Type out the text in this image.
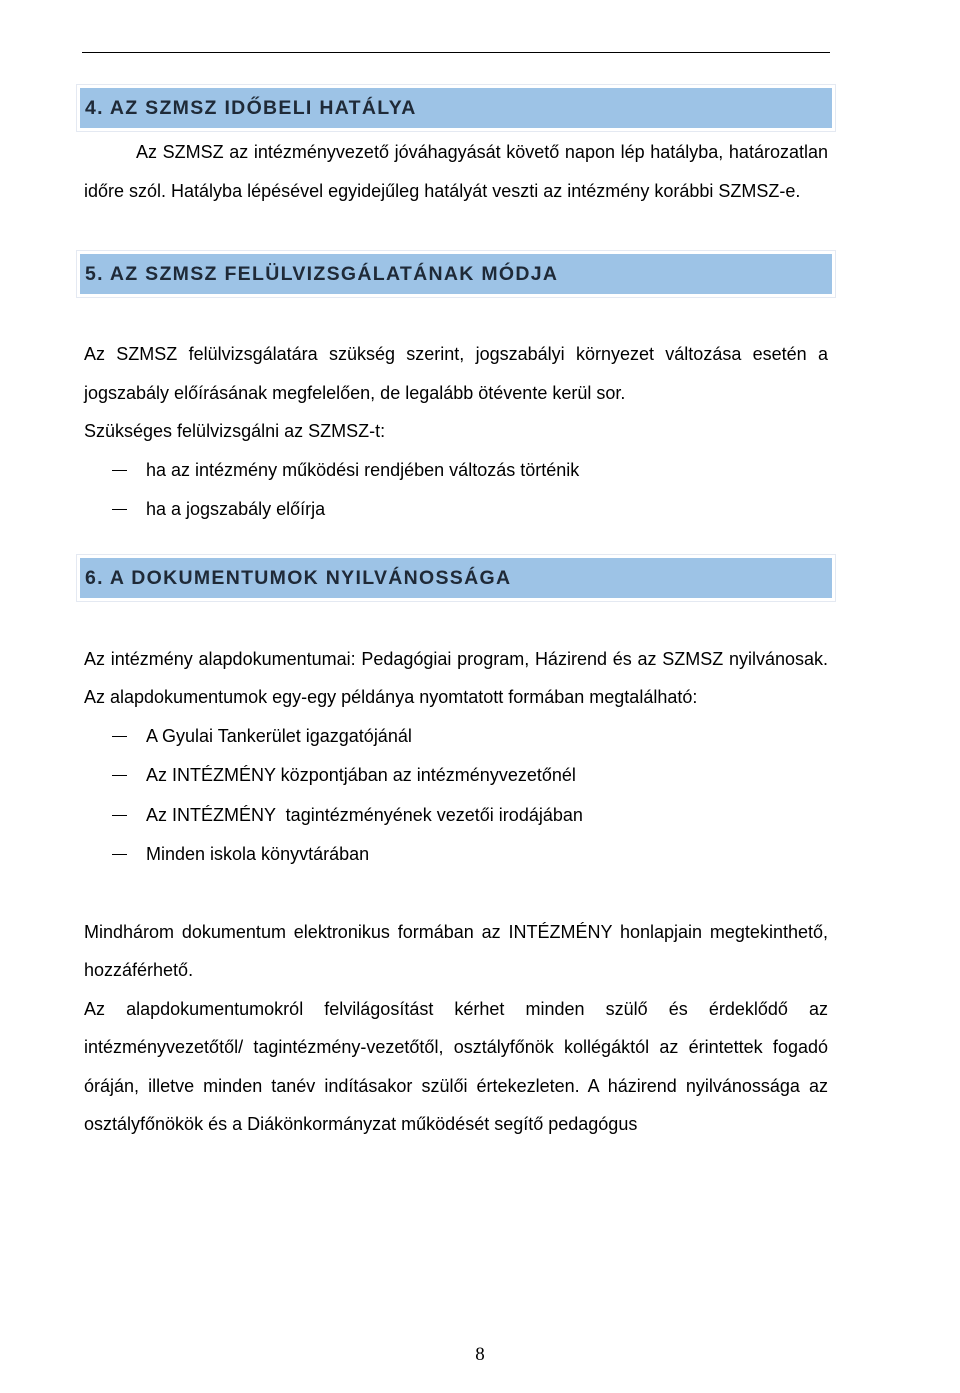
4. AZ SZMSZ IDŐBELI HATÁLYA

Az SZMSZ az intézményvezető jóváhagyását követő napon lép hatályba, határozatlan időre szól. Hatályba lépésével egyidejűleg hatályát veszti az intézmény korábbi SZMSZ-e.

5. AZ SZMSZ FELÜLVIZSGÁLATÁNAK MÓDJA

Az SZMSZ felülvizsgálatára szükség szerint, jogszabályi környezet változása esetén a jogszabály előírásának megfelelően, de legalább ötévente kerül sor.

Szükséges felülvizsgálni az SZMSZ-t:

ha az intézmény működési rendjében változás történik
ha a jogszabály előírja
6. A DOKUMENTUMOK NYILVÁNOSSÁGA

Az intézmény alapdokumentumai: Pedagógiai program, Házirend és az SZMSZ nyilvánosak. Az alapdokumentumok egy-egy példánya nyomtatott formában megtalálható:

A Gyulai Tankerület igazgatójánál
Az INTÉZMÉNY központjában az intézményvezetőnél
Az INTÉZMÉNY  tagintézményének vezetői irodájában
Minden iskola könyvtárában

Mindhárom dokumentum elektronikus formában az INTÉZMÉNY honlapjain megtekinthető, hozzáférhető.

Az alapdokumentumokról felvilágosítást kérhet minden szülő és érdeklődő az intézményvezetőtől/ tagintézmény-vezetőtől, osztályfőnök kollégáktól az érintettek fogadó óráján, illetve minden tanév indításakor szülői értekezleten. A házirend nyilvánossága az osztályfőnökök és a Diákönkormányzat működését segítő pedagógus

8
